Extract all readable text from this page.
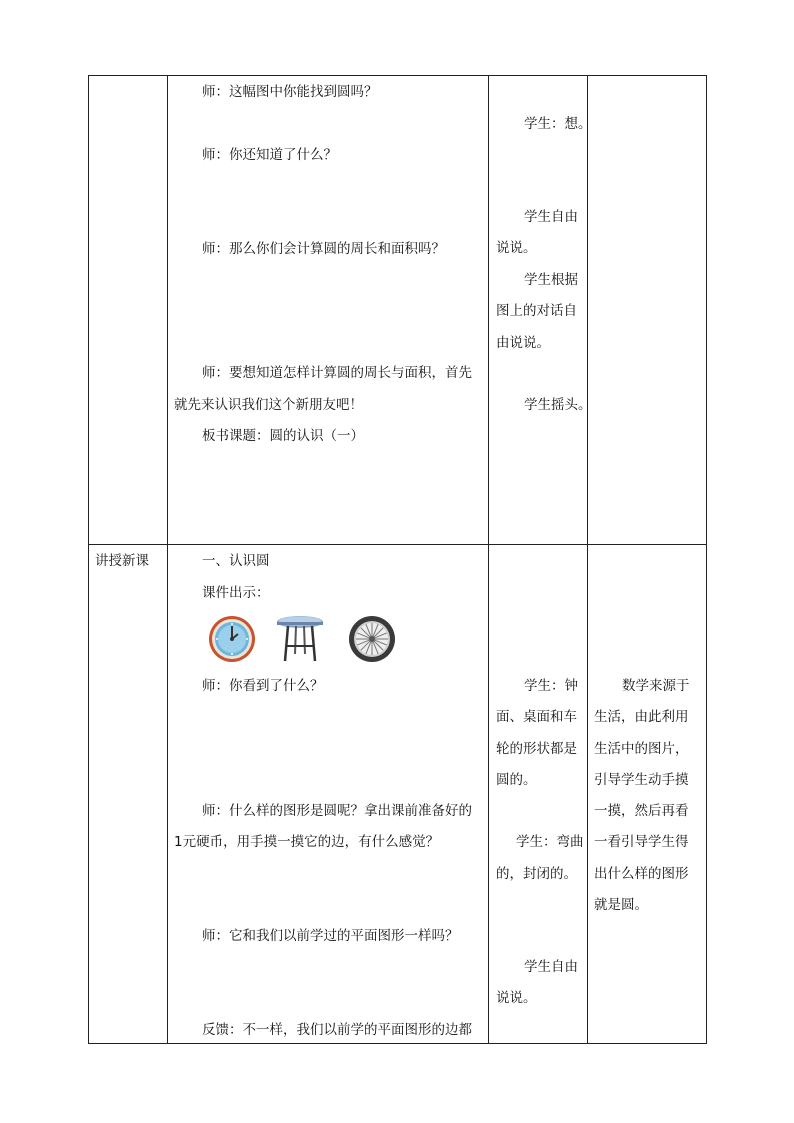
师：这幅图中你能找到圆吗？
师：你还知道了什么？
师：那么你们会计算圆的周长和面积吗？
师：要想知道怎样计算圆的周长与面积，首先
就先来认识我们这个新朋友吧！
板书课题：圆的认识（一）
学生：想。
学生自由
说说。
学生根据
图上的对话自
由说说。
学生摇头。
讲授新课	一、认识圆
课件出示：
师：你看到了什么？
师：什么样的图形是圆呢？拿出课前准备好的
1元硬币，用手摸一摸它的边，有什么感觉？
师：它和我们以前学过的平面图形一样吗？
反馈：不一样，我们以前学的平面图形的边都
学生：钟
面、桌面和车
轮的形状都是
圆的。
学生：弯曲
的，封闭的。
学生自由
说说。
数学来源于
生活，由此利用
生活中的图片，
引导学生动手摸
一摸，然后再看
一看引导学生得
出什么样的图形
就是圆。
